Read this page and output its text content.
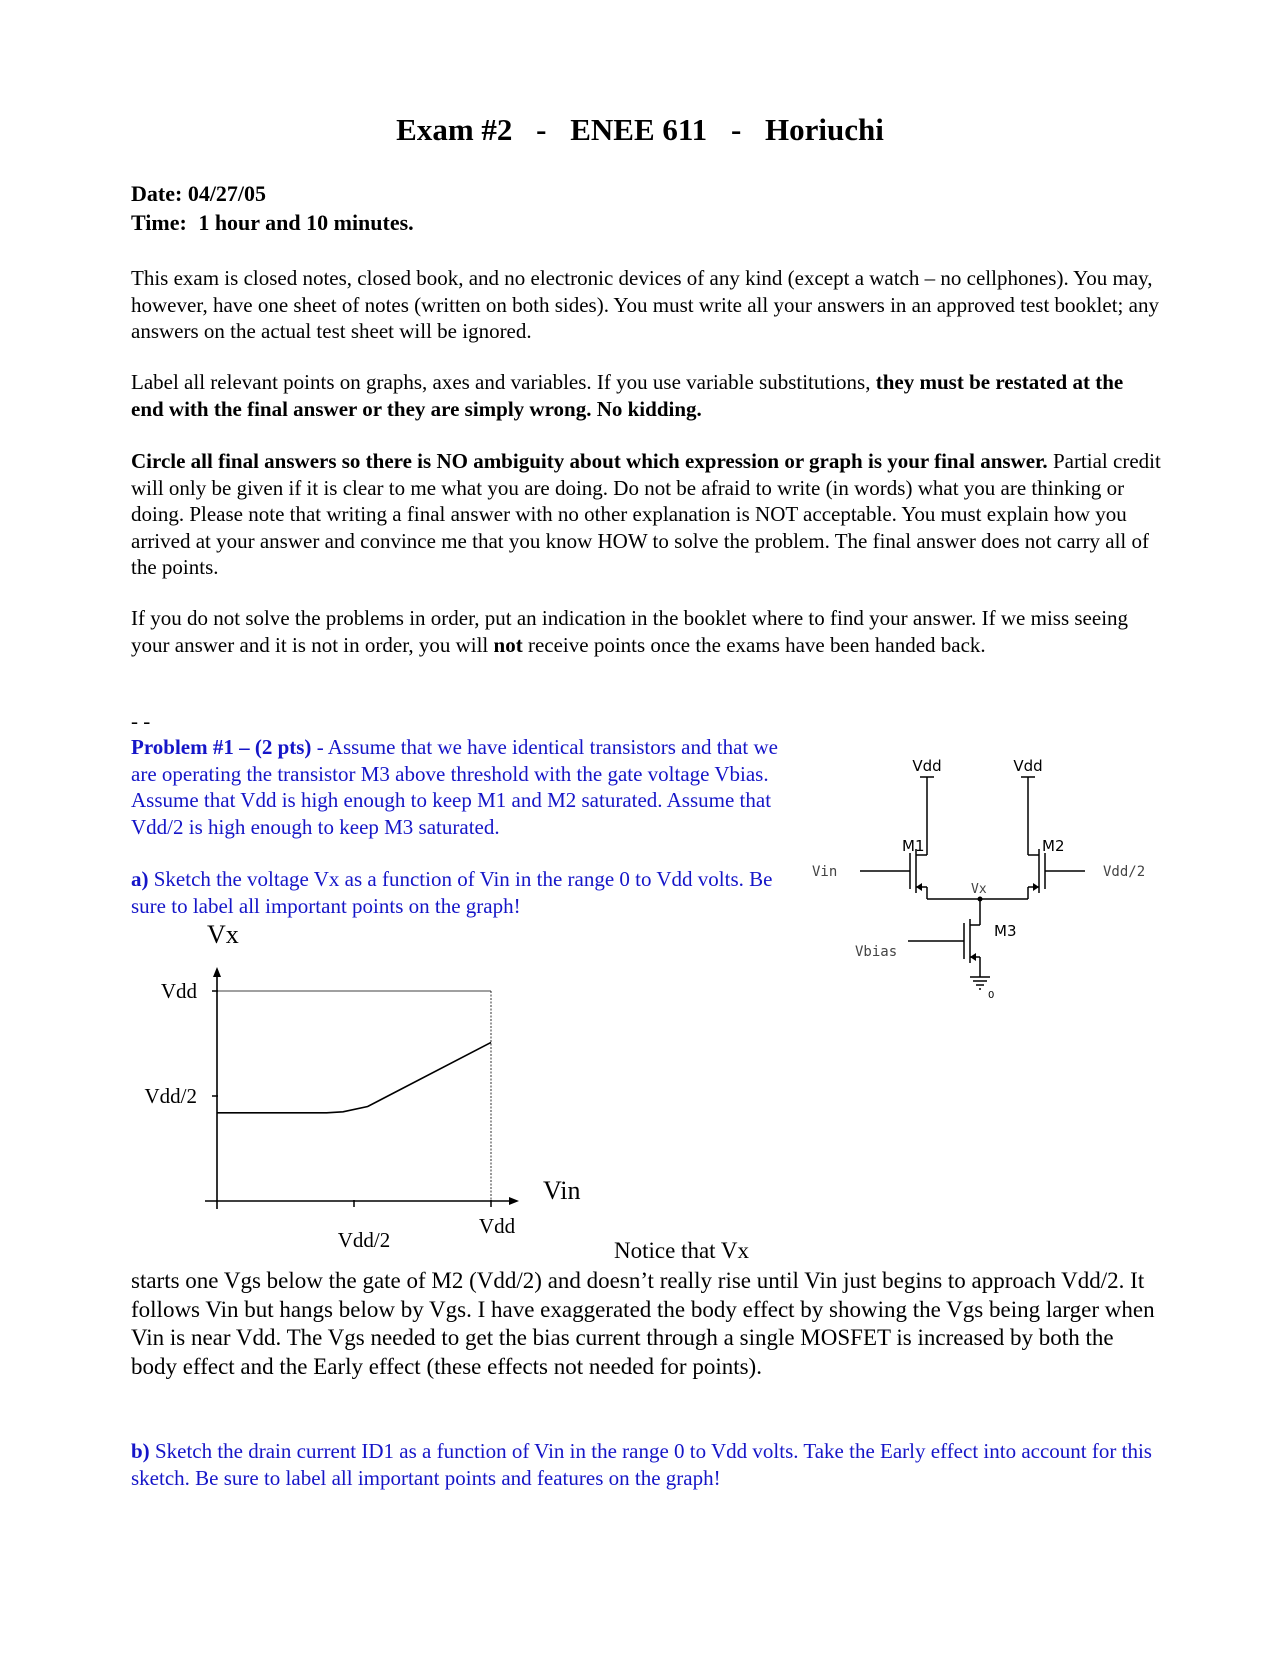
Exam #2 - ENEE 611 - Horiuchi
Date: 04/27/05
Time: 1 hour and 10 minutes.
This exam is closed notes, closed book, and no electronic devices of any kind (except a watch – no cellphones). You may, however, have one sheet of notes (written on both sides). You must write all your answers in an approved test booklet; any answers on the actual test sheet will be ignored.
Label all relevant points on graphs, axes and variables. If you use variable substitutions, they must be restated at the end with the final answer or they are simply wrong. No kidding.
Circle all final answers so there is NO ambiguity about which expression or graph is your final answer. Partial credit will only be given if it is clear to me what you are doing. Do not be afraid to write (in words) what you are thinking or doing. Please note that writing a final answer with no other explanation is NOT acceptable. You must explain how you arrived at your answer and convince me that you know HOW to solve the problem. The final answer does not carry all of the points.
If you do not solve the problems in order, put an indication in the booklet where to find your answer. If we miss seeing your answer and it is not in order, you will not receive points once the exams have been handed back.
- -
Problem #1 – (2 pts) - Assume that we have identical transistors and that we are operating the transistor M3 above threshold with the gate voltage Vbias. Assume that Vdd is high enough to keep M1 and M2 saturated. Assume that Vdd/2 is high enough to keep M3 saturated.
a) Sketch the voltage Vx as a function of Vin in the range 0 to Vdd volts. Be sure to label all important points on the graph!
Vdd	Vdd
M1	M2
M3
Vin
Vx
Vdd/2
Vbias
0
Vx
Vin
Vdd
Vdd/2
Vdd/2
Vdd
Notice that Vx
starts one Vgs below the gate of M2 (Vdd/2) and doesn’t really rise until Vin just begins to approach Vdd/2. It follows Vin but hangs below by Vgs. I have exaggerated the body effect by showing the Vgs being larger when Vin is near Vdd. The Vgs needed to get the bias current through a single MOSFET is increased by both the body effect and the Early effect (these effects not needed for points).
b) Sketch the drain current ID1 as a function of Vin in the range 0 to Vdd volts. Take the Early effect into account for this sketch. Be sure to label all important points and features on the graph!
